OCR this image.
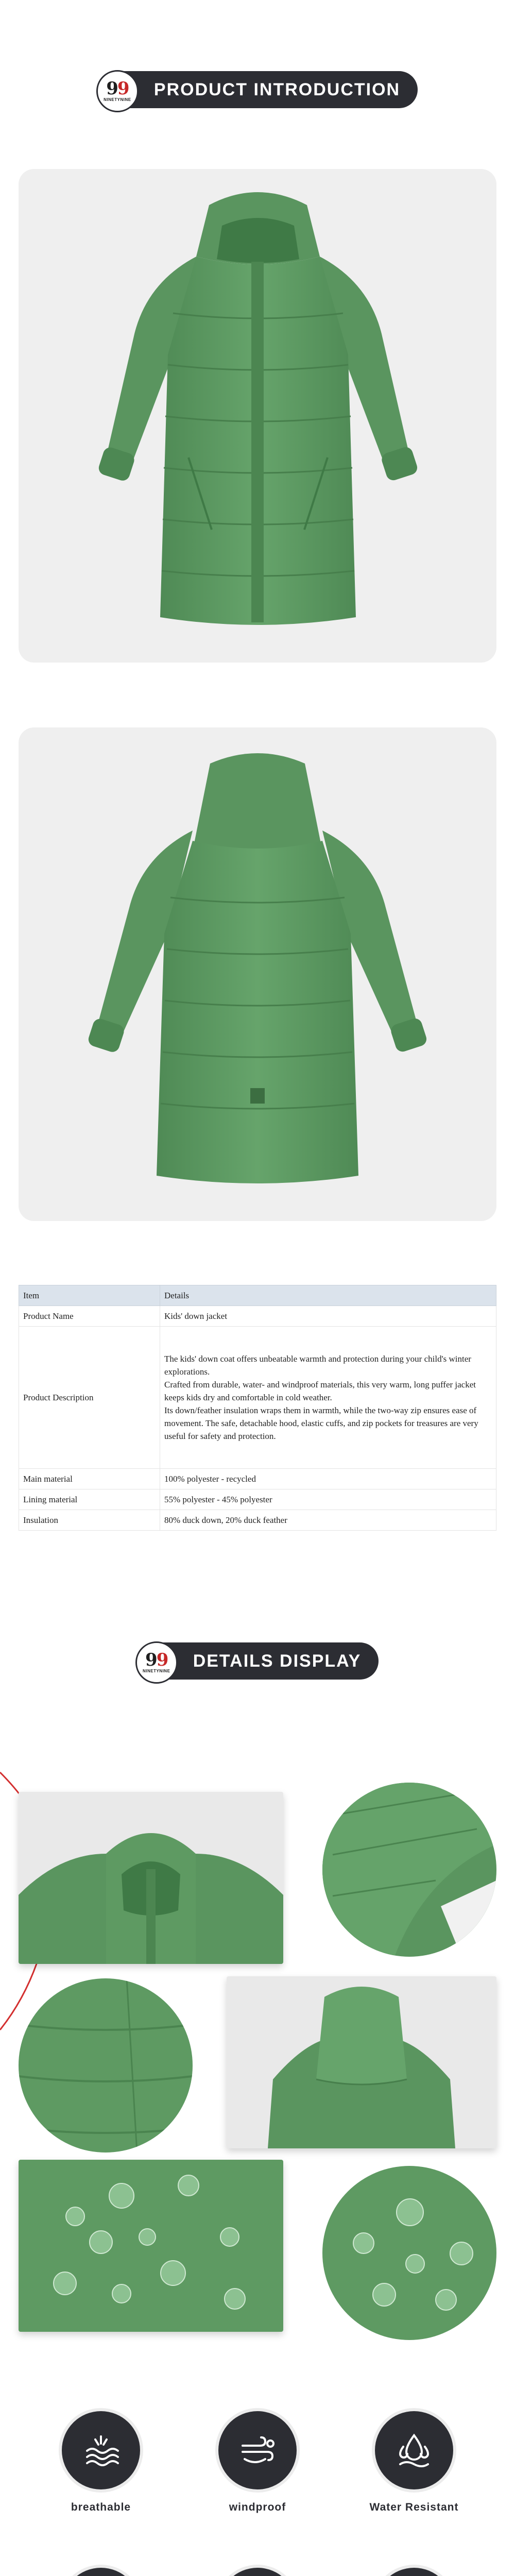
99
NINETYNINE
PRODUCT INTRODUCTION
Item	Details
Product Name	Kids' down jacket

Product Description	The kids' down coat offers unbeatable warmth and protection during your child's winter explorations.

Crafted from durable, water- and windproof materials, this very warm, long puffer jacket keeps kids dry and comfortable in cold weather.

Its down/feather insulation wraps them in warmth, while the two-way zip ensures ease of movement. The safe, detachable hood, elastic cuffs, and zip pockets for treasures are very useful for safety and protection.

Main material	100% polyester - recycled

Lining material	55% polyester - 45% polyester

Insulation	80% duck down, 20% duck feather

99
NINETYNINE
DETAILS DISPLAY
breathable	windproof	Water Resistant
